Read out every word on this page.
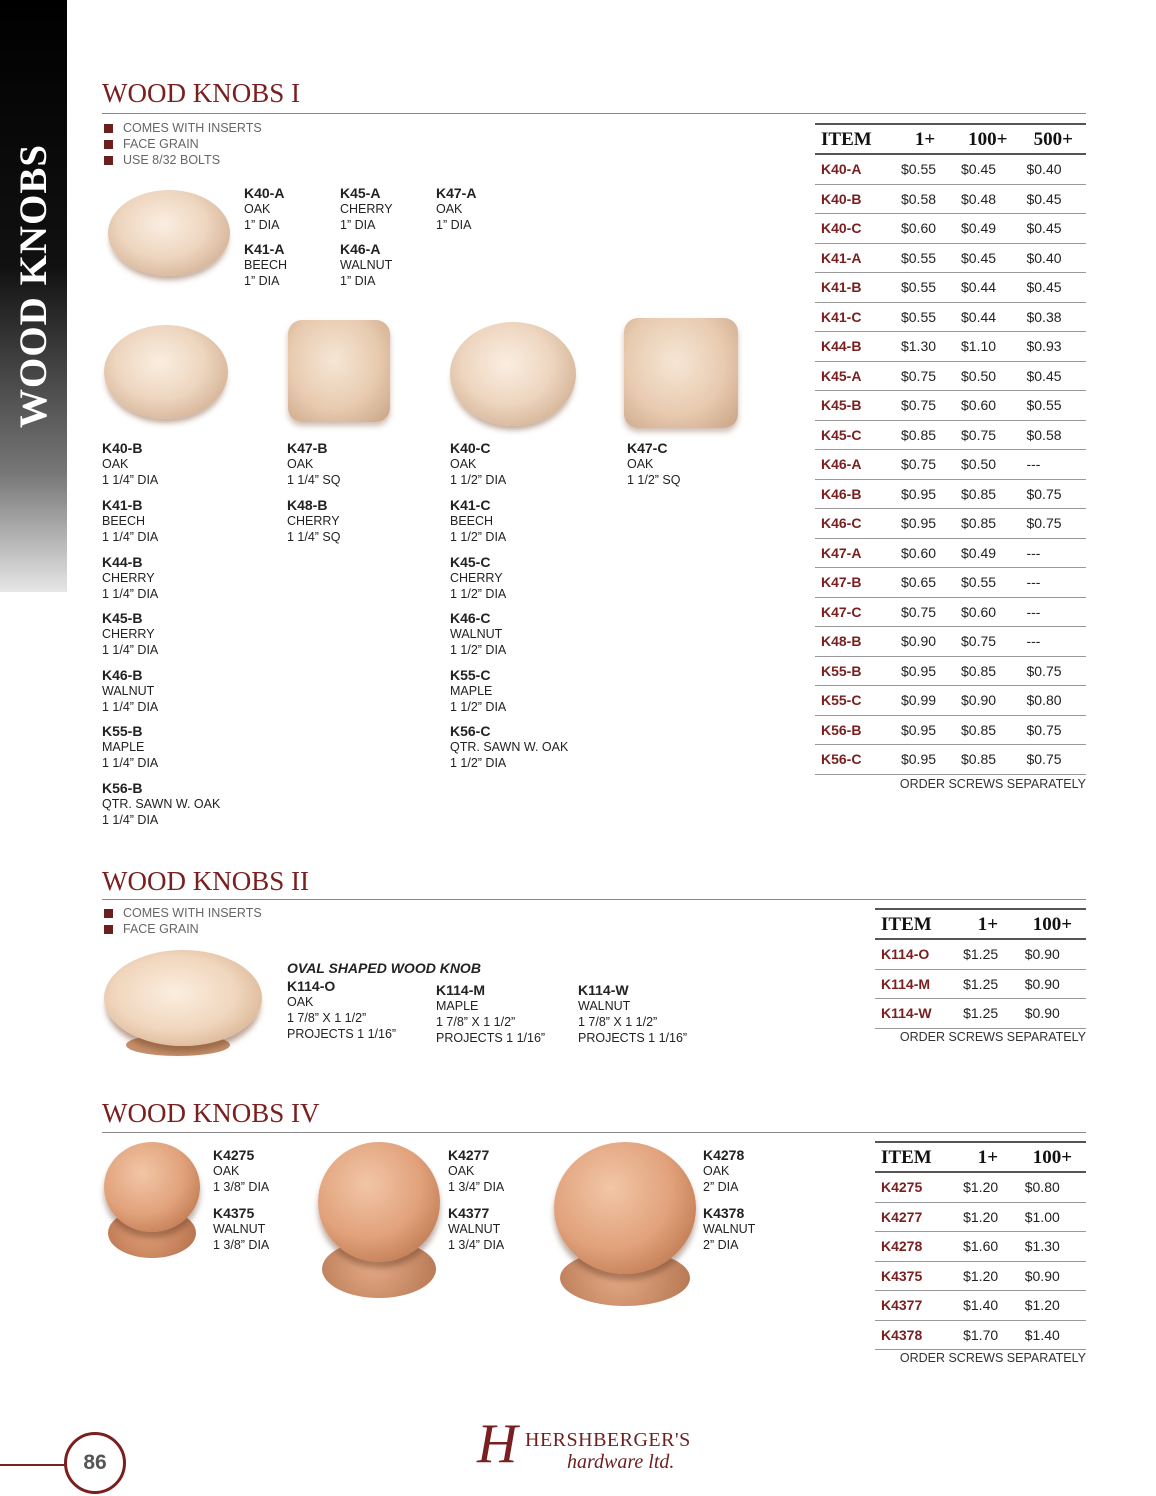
WOOD KNOBS
WOOD KNOBS I
COMES WITH INSERTS
FACE GRAIN
USE 8/32 BOLTS
K40-A
OAK
1” DIA
K45-A
CHERRY
1” DIA
K47-A
OAK
1” DIA
K41-A
BEECH
1” DIA
K46-A
WALNUT
1” DIA
K40-B
OAK
1 1/4” DIA
K41-B
BEECH
1 1/4” DIA
K44-B
CHERRY
1 1/4” DIA
K45-B
CHERRY
1 1/4” DIA
K46-B
WALNUT
1 1/4” DIA
K55-B
MAPLE
1 1/4” DIA
K56-B
QTR. SAWN W. OAK
1 1/4” DIA
K47-B
OAK
1 1/4” SQ
K48-B
CHERRY
1 1/4” SQ
K40-C
OAK
1 1/2” DIA
K41-C
BEECH
1 1/2” DIA
K45-C
CHERRY
1 1/2” DIA
K46-C
WALNUT
1 1/2” DIA
K55-C
MAPLE
1 1/2” DIA
K56-C
QTR. SAWN W. OAK
1 1/2” DIA
K47-C
OAK
1 1/2” SQ
ITEM	1+	100+	500+
K40-A	$0.55	$0.45	$0.40
K40-B	$0.58	$0.48	$0.45
K40-C	$0.60	$0.49	$0.45
K41-A	$0.55	$0.45	$0.40
K41-B	$0.55	$0.44	$0.45
K41-C	$0.55	$0.44	$0.38
K44-B	$1.30	$1.10	$0.93
K45-A	$0.75	$0.50	$0.45
K45-B	$0.75	$0.60	$0.55
K45-C	$0.85	$0.75	$0.58
K46-A	$0.75	$0.50	---
K46-B	$0.95	$0.85	$0.75
K46-C	$0.95	$0.85	$0.75
K47-A	$0.60	$0.49	---
K47-B	$0.65	$0.55	---
K47-C	$0.75	$0.60	---
K48-B	$0.90	$0.75	---
K55-B	$0.95	$0.85	$0.75
K55-C	$0.99	$0.90	$0.80
K56-B	$0.95	$0.85	$0.75
K56-C	$0.95	$0.85	$0.75
ORDER SCREWS SEPARATELY
WOOD KNOBS II
COMES WITH INSERTS
FACE GRAIN
OVAL SHAPED WOOD KNOB
K114-O
OAK
1 7/8” X 1 1/2”
PROJECTS 1 1/16”
K114-M
MAPLE
1 7/8” X 1 1/2”
PROJECTS 1 1/16”
K114-W
WALNUT
1 7/8” X 1 1/2”
PROJECTS 1 1/16”
ITEM	1+	100+
K114-O	$1.25	$0.90
K114-M	$1.25	$0.90
K114-W	$1.25	$0.90
ORDER SCREWS SEPARATELY
WOOD KNOBS IV
K4275
OAK
1 3/8” DIA
K4375
WALNUT
1 3/8” DIA
K4277
OAK
1 3/4” DIA
K4377
WALNUT
1 3/4” DIA
K4278
OAK
2” DIA
K4378
WALNUT
2” DIA
ITEM	1+	100+
K4275	$1.20	$0.80
K4277	$1.20	$1.00
K4278	$1.60	$1.30
K4375	$1.20	$0.90
K4377	$1.40	$1.20
K4378	$1.70	$1.40
ORDER SCREWS SEPARATELY
86	H HERSHBERGER'S
hardware ltd.
